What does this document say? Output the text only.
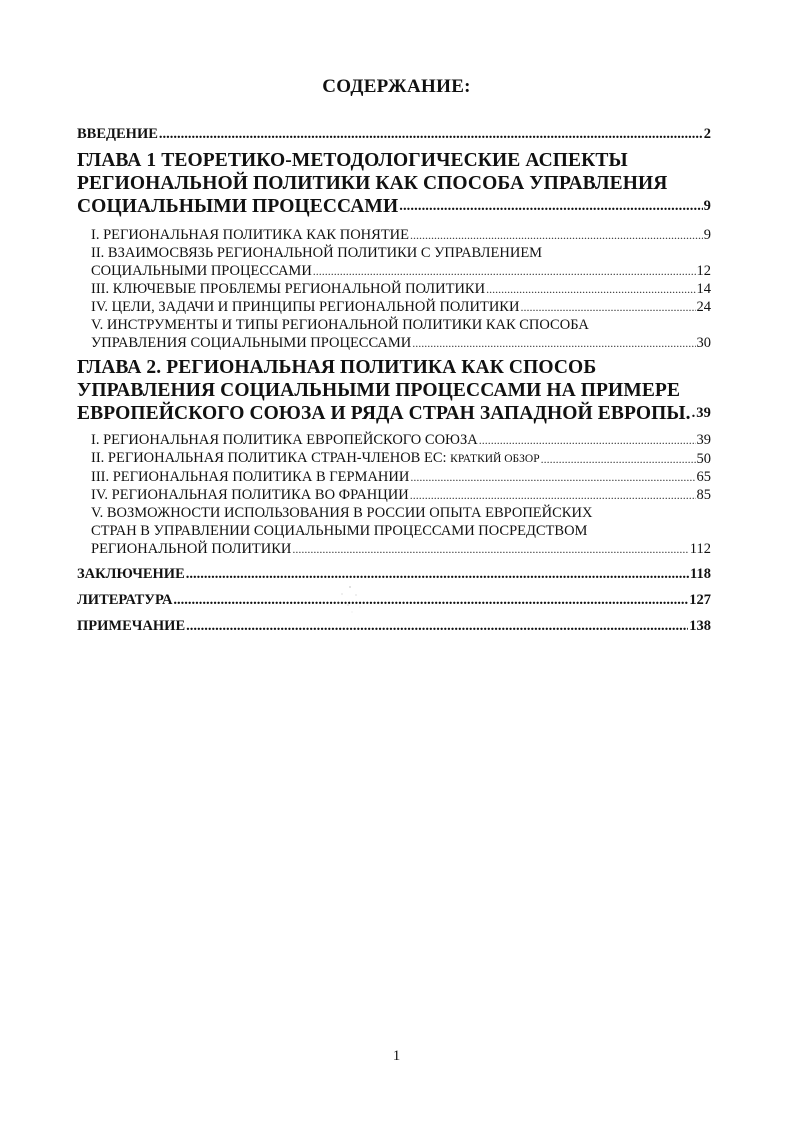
СОДЕРЖАНИЕ:
ВВЕДЕНИЕ .....	2
ГЛАВА 1 ТЕОРЕТИКО-МЕТОДОЛОГИЧЕСКИЕ АСПЕКТЫ
РЕГИОНАЛЬНОЙ ПОЛИТИКИ КАК СПОСОБА УПРАВЛЕНИЯ
СОЦИАЛЬНЫМИ ПРОЦЕССАМИ .....	9
I. РЕГИОНАЛЬНАЯ ПОЛИТИКА КАК ПОНЯТИЕ .....	9
II. ВЗАИМОСВЯЗЬ РЕГИОНАЛЬНОЙ ПОЛИТИКИ С УПРАВЛЕНИЕМ
СОЦИАЛЬНЫМИ ПРОЦЕССАМИ .....	12
III. КЛЮЧЕВЫЕ ПРОБЛЕМЫ РЕГИОНАЛЬНОЙ ПОЛИТИКИ .....	14
IV. ЦЕЛИ, ЗАДАЧИ И ПРИНЦИПЫ РЕГИОНАЛЬНОЙ ПОЛИТИКИ .....	24
V. ИНСТРУМЕНТЫ И ТИПЫ РЕГИОНАЛЬНОЙ ПОЛИТИКИ КАК СПОСОБА
УПРАВЛЕНИЯ СОЦИАЛЬНЫМИ ПРОЦЕССАМИ .....	30
ГЛАВА 2. РЕГИОНАЛЬНАЯ ПОЛИТИКА КАК СПОСОБ
УПРАВЛЕНИЯ СОЦИАЛЬНЫМИ ПРОЦЕССАМИ НА ПРИМЕРЕ
ЕВРОПЕЙСКОГО СОЮЗА И РЯДА СТРАН ЗАПАДНОЙ ЕВРОПЫ. ..... 39
I. РЕГИОНАЛЬНАЯ ПОЛИТИКА ЕВРОПЕЙСКОГО СОЮЗА .....	39
II. РЕГИОНАЛЬНАЯ ПОЛИТИКА СТРАН-ЧЛЕНОВ ЕС: КРАТКИЙ ОБЗОР .....	50
III. РЕГИОНАЛЬНАЯ ПОЛИТИКА В ГЕРМАНИИ .....	65
IV. РЕГИОНАЛЬНАЯ ПОЛИТИКА ВО ФРАНЦИИ .....	85
V. ВОЗМОЖНОСТИ ИСПОЛЬЗОВАНИЯ В РОССИИ ОПЫТА ЕВРОПЕЙСКИХ
СТРАН В УПРАВЛЕНИИ СОЦИАЛЬНЫМИ ПРОЦЕССАМИ ПОСРЕДСТВОМ
РЕГИОНАЛЬНОЙ ПОЛИТИКИ .....	112
ЗАКЛЮЧЕНИЕ .....	118
ЛИТЕРАТУРА .....	127
ПРИМЕЧАНИЕ .....	138
1
